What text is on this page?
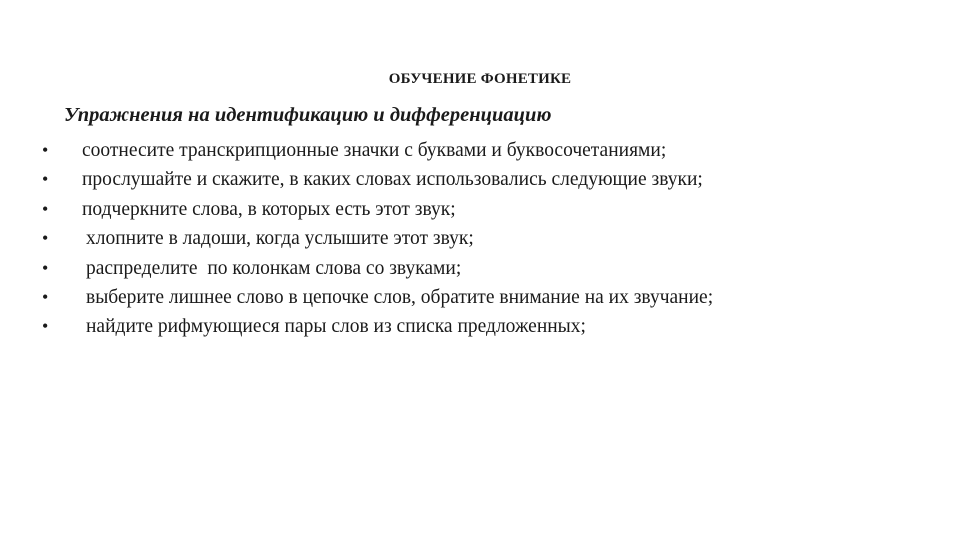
ОБУЧЕНИЕ ФОНЕТИКЕ
Упражнения на идентификацию и дифференциацию

•

соотнесите транскрипционные значки с буквами и буквосочетаниями;

•

прослушайте и скажите, в каких словах использовались следующие звуки;

•

подчеркните слова, в которых есть этот звук;

•

хлопните в ладоши, когда услышите этот звук;

•

распределите  по колонкам слова со звуками;

•

выберите лишнее слово в цепочке слов, обратите внимание на их звучание;

•

найдите рифмующиеся пары слов из списка предложенных;
